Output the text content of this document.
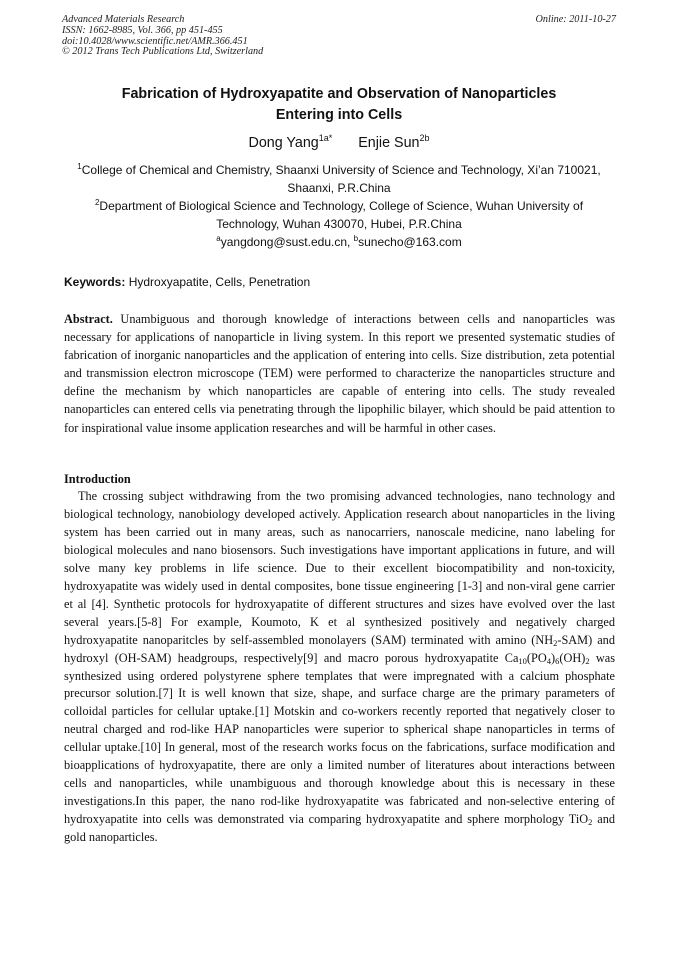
Advanced Materials Research
ISSN: 1662-8985, Vol. 366, pp 451-455
doi:10.4028/www.scientific.net/AMR.366.451
© 2012 Trans Tech Publications Ltd, Switzerland
Online: 2011-10-27
Fabrication of Hydroxyapatite and Observation of Nanoparticles
Entering into Cells
Dong Yang$^{1a*}$ Enjie Sun$^{2b}$
$^1$College of Chemical and Chemistry, Shaanxi University of Science and Technology, Xi’an 710021,
Shaanxi, P.R.China
$^2$Department of Biological Science and Technology, College of Science, Wuhan University of
Technology, Wuhan 430070, Hubei, P.R.China
$^a$yangdong@sust.edu.cn, $^b$sunecho@163.com
Keywords: Hydroxyapatite, Cells, Penetration
Abstract. Unambiguous and thorough knowledge of interactions between cells and nanoparticles was necessary for applications of nanoparticle in living system. In this report we presented systematic studies of fabrication of inorganic nanoparticles and the application of entering into cells. Size distribution, zeta potential and transmission electron microscope (TEM) were performed to characterize the nanoparticles structure and define the mechanism by which nanoparticles are capable of entering into cells. The study revealed nanoparticles can entered cells via penetrating through the lipophilic bilayer, which should be paid attention to for inspirational value insome application researches and will be harmful in other cases.
Introduction
The crossing subject withdrawing from the two promising advanced technologies, nano technology and biological technology, nanobiology developed actively. Application research about nanoparticles in the living system has been carried out in many areas, such as nanocarriers, nanoscale medicine, nano labeling for biological molecules and nano biosensors. Such investigations have important applications in future, and will solve many key problems in life science. Due to their excellent biocompatibility and non-toxicity, hydroxyapatite was widely used in dental composites, bone tissue engineering [1-3] and non-viral gene carrier et al [4]. Synthetic protocols for hydroxyapatite of different structures and sizes have evolved over the last several years.[5-8] For example, Koumoto, K et al synthesized positively and negatively charged hydroxyapatite nanoparitcles by self-assembled monolayers (SAM) terminated with amino $(NH_2-SAM)$ and hydroxyl (OH-SAM) headgroups, respectively[9] and macro porous hydroxyapatite $Ca_{10}(PO_4)_6(OH)_2$ was synthesized using ordered polystyrene sphere templates that were impregnated with a calcium phosphate precursor solution.[7] It is well known that size, shape, and surface charge are the primary parameters of colloidal particles for cellular uptake.[1] Motskin and co-workers recently reported that negatively closer to neutral charged and rod-like HAP nanoparticles were superior to spherical shape nanoparticles in terms of cellular uptake.[10] In general, most of the research works focus on the fabrications, surface modification and bioapplications of hydroxyapatite, there are only a limited number of literatures about interactions between cells and nanoparticles, while unambiguous and thorough knowledge about this is necessary in these investigations.In this paper, the nano rod-like hydroxyapatite was fabricated and non-selective entering of hydroxyapatite into cells was demonstrated via comparing hydroxyapatite and sphere morphology TiO$_2$ and gold nanoparticles.
